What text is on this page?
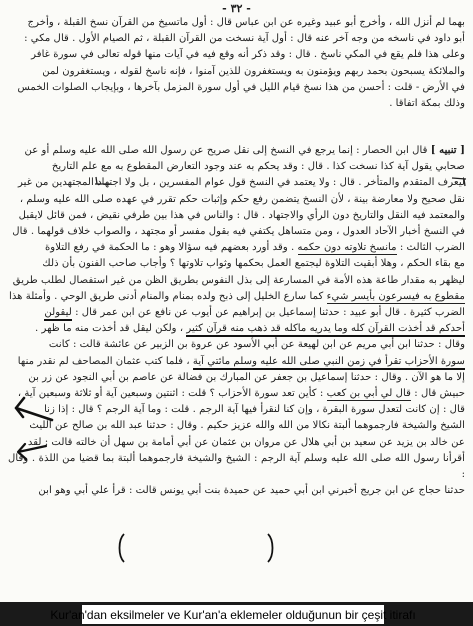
- ٣٢ -

بهما لم أنزل الله ، وأخرج أبو عبيد وغيره عن ابن عباس قال : أول ماتسيخ من القرآن نسخ القبلة ، وأخرج

أبو داود في ناسخه من وجه آخر عنه قال : أول آية نسخت من القرآن القبلة ، ثم الصيام الأول . قال مكي :

وعلى هذا فلم يقع في المكي ناسخ . قال : وقد ذكر أنه وقع فيه في آيات منها قوله تعالى في سورة غافر

والملائكة يسبحون بحمد ربهم ويؤمنون به ويستغفرون للذين آمنوا ، فإنه ناسخ لقوله ، ويستغفرون لمن

في الأرض - قلت : أحسن من هذا نسخ قيام الليل في أول سورة المزمل بآخرها ، وبإيجاب الصلوات الخمس

وذلك بمكة اتفاقا .

[ تنبيه ] قال ابن الحصار : إنما يرجع في النسخ إلى نقل صريح عن رسول الله صلى الله عليه وسلم أو عن

صحابي يقول آية كذا نسخت كذا . قال : وقد يحكم به عند وجود التعارض المقطوع به مع علم التاريخ

ليعرف المتقدم والمتأخر . قال : ولا يعتمد في النسخ قول عوام المفسرين ، بل ولا اجتهاد المجتهدين من غير

نقل صحيح ولا معارضة بينة ، لأن النسخ يتضمن رفع حكم وإثبات حكم تقرر في عهده صلى الله عليه وسلم ،

والمعتمد فيه النقل والتاريخ دون الرأي والاجتهاد . قال : والناس في هذا بين طرفي نقيض ، فمن قائل لايقبل

في النسخ أخبار الآحاد العدول ، ومن متساهل يكتفي فيه بقول مفسر أو مجتهد ، والصواب خلاف قولهما . قال

الضرب الثالث : مانسخ تلاوته دون حكمه . وقد أورد بعضهم فيه سؤالا وهو : ما الحكمة في رفع التلاوة

مع بقاء الحكم ، وهلا أبقيت التلاوة ليجتمع العمل بحكمها وثواب تلاوتها ؟ وأجاب صاحب الفنون بأن ذلك

ليظهر به مقدار طاعة هذه الأمة في المسارعة إلى بذل النفوس بطريق الظن من غير استفصال لطلب طريق

مقطوع به فيسرعون بأيسر شيء كما سارع الخليل إلى ذبح ولده بمنام والمنام أدنى طريق الوحي . وأمثلة هذا

الضرب كثيرة . قال أبو عبيد : حدثنا إسماعيل بن إبراهيم عن أيوب عن نافع عن ابن عمر قال : ليقولن

أحدكم قد أخذت القرآن كله وما يدريه ماكله قد ذهب منه قرآن كثير ، ولكن ليقل قد أخذت منه ما ظهر .

وقال : حدثنا ابن أبي مريم عن ابن لهيعة عن أبي الأسود عن عروة بن الزبير عن عائشة قالت : كانت

سورة الأحزاب تقرأ في زمن النبي صلى الله عليه وسلم مائتي آية ، فلما كتب عثمان المصاحف لم نقدر منها

إلا ما هو الآن . وقال : حدثنا إسماعيل بن جعفر عن المبارك بن فضالة عن عاصم بن أبي النجود عن زر بن

حبيش قال : قال لي أبي بن كعب : كأين تعد سورة الأحزاب ؟ قلت : اثنتين وسبعين آية أو ثلاثة وسبعين آية ،

قال : إن كانت لتعدل سورة البقرة ، وإن كنا لنقرأ فيها آية الرجم . قلت : وما آية الرجم ؟ قال : إذا زنا

الشيخ والشيخة فارجموهما ألبتة نكالا من الله والله عزيز حكيم . وقال : حدثنا عبد الله بن صالح عن الليث

عن خالد بن يزيد عن سعيد بن أبي هلال عن مروان بن عثمان عن أبي أمامة بن سهل أن خالته قالت : لقد

أقرأنا رسول الله صلى الله عليه وسلم آية الرجم : الشيخ والشيخة فارجموهما ألبتة بما قضيا من اللذة . وقال :

حدثنا حجاج عن ابن جريج أخبرني ابن أبي حميد عن حميدة بنت أبي يونس قالت : قرأ علي أبي وهو ابن

Kur'an'dan eksilmeler ve Kur'an'a eklemeler olduğunun bir çeşit itirafı
